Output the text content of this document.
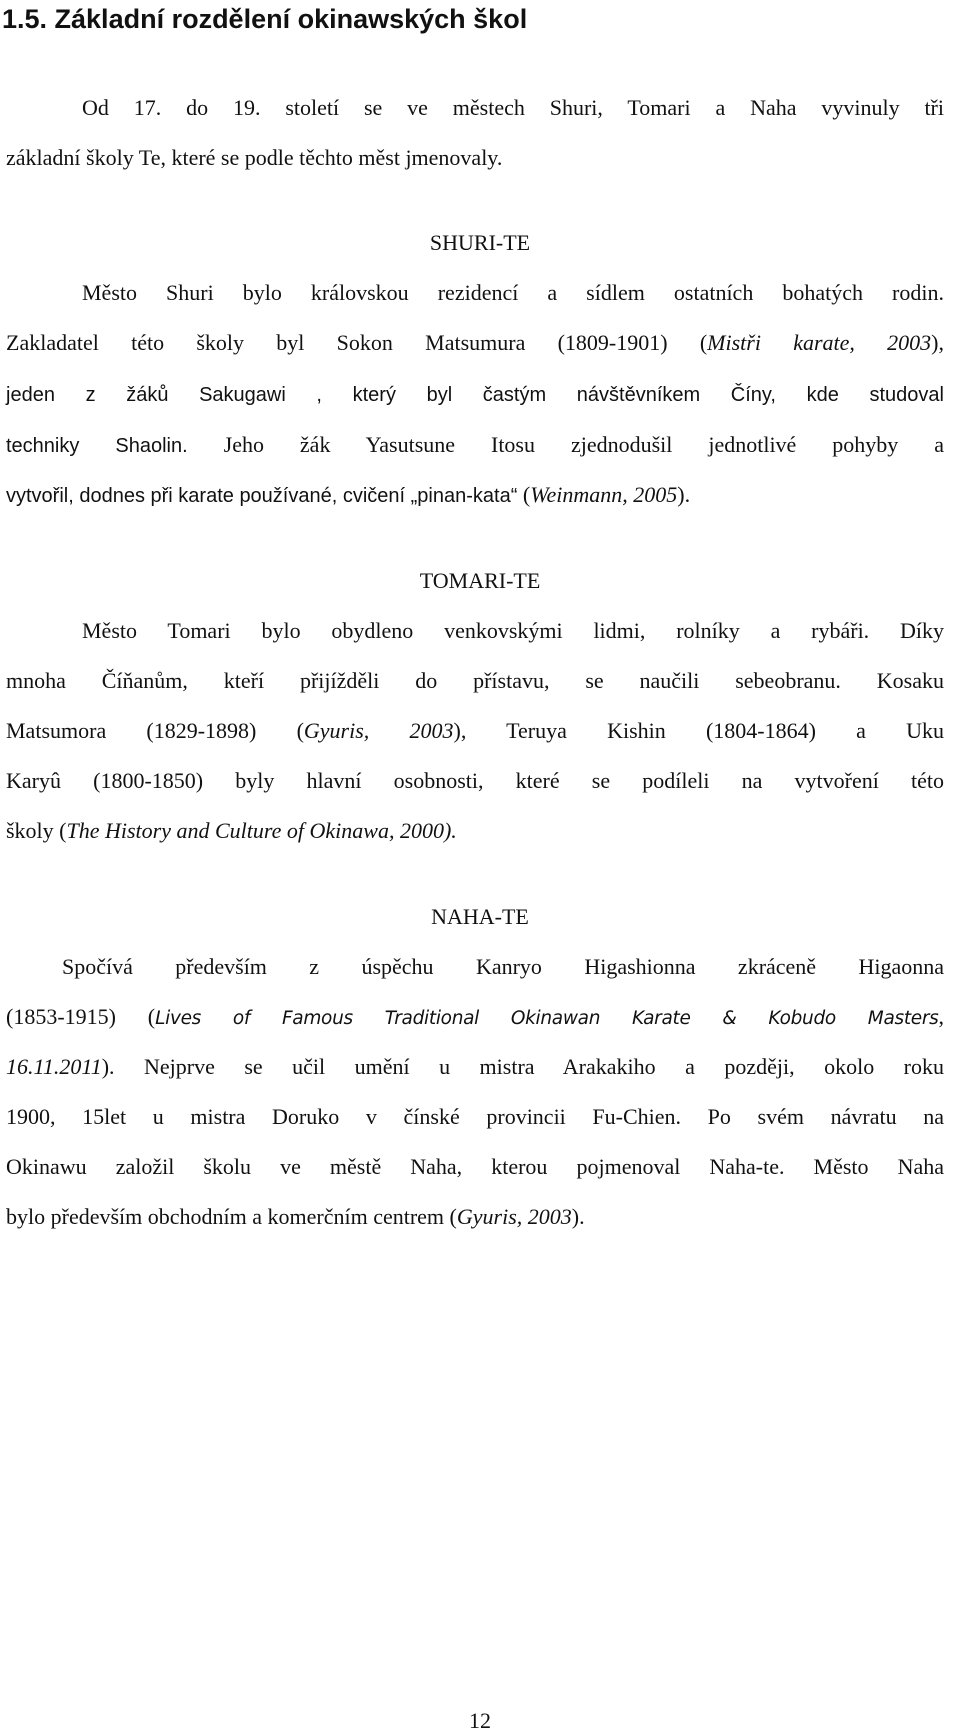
1.5. Základní rozdělení okinawských škol
Od 17. do 19. století se ve městech Shuri, Tomari a Naha vyvinuly tři
základní školy Te, které se podle těchto měst jmenovaly.
SHURI-TE
Město Shuri bylo královskou rezidencí a sídlem ostatních bohatých rodin.
Zakladatel této školy byl Sokon Matsumura (1809-1901) (Mistři karate, 2003),
jeden z žáků Sakugawi , který byl častým návštěvníkem Číny, kde studoval
techniky Shaolin. Jeho žák Yasutsune Itosu zjednodušil jednotlivé pohyby a
vytvořil, dodnes při karate používané, cvičení „pinan-kata“ (Weinmann, 2005).
TOMARI-TE
Město Tomari bylo obydleno venkovskými lidmi, rolníky a rybáři. Díky
mnoha Číňanům, kteří přijížděli do přístavu, se naučili sebeobranu. Kosaku
Matsumora (1829-1898) (Gyuris, 2003), Teruya Kishin (1804-1864) a Uku
Karyû (1800-1850) byly hlavní osobnosti, které se podíleli na vytvoření této
školy (The History and Culture of Okinawa, 2000).
NAHA-TE
Spočívá především z úspěchu Kanryo Higashionna zkráceně Higaonna
(1853-1915) (Lives of Famous Traditional Okinawan Karate & Kobudo Masters,
16.11.2011). Nejprve se učil umění u mistra Arakakiho a později, okolo roku
1900, 15let u mistra Doruko v čínské provincii Fu-Chien. Po svém návratu na
Okinawu založil školu ve městě Naha, kterou pojmenoval Naha-te. Město Naha
bylo především obchodním a komerčním centrem (Gyuris, 2003).
12
